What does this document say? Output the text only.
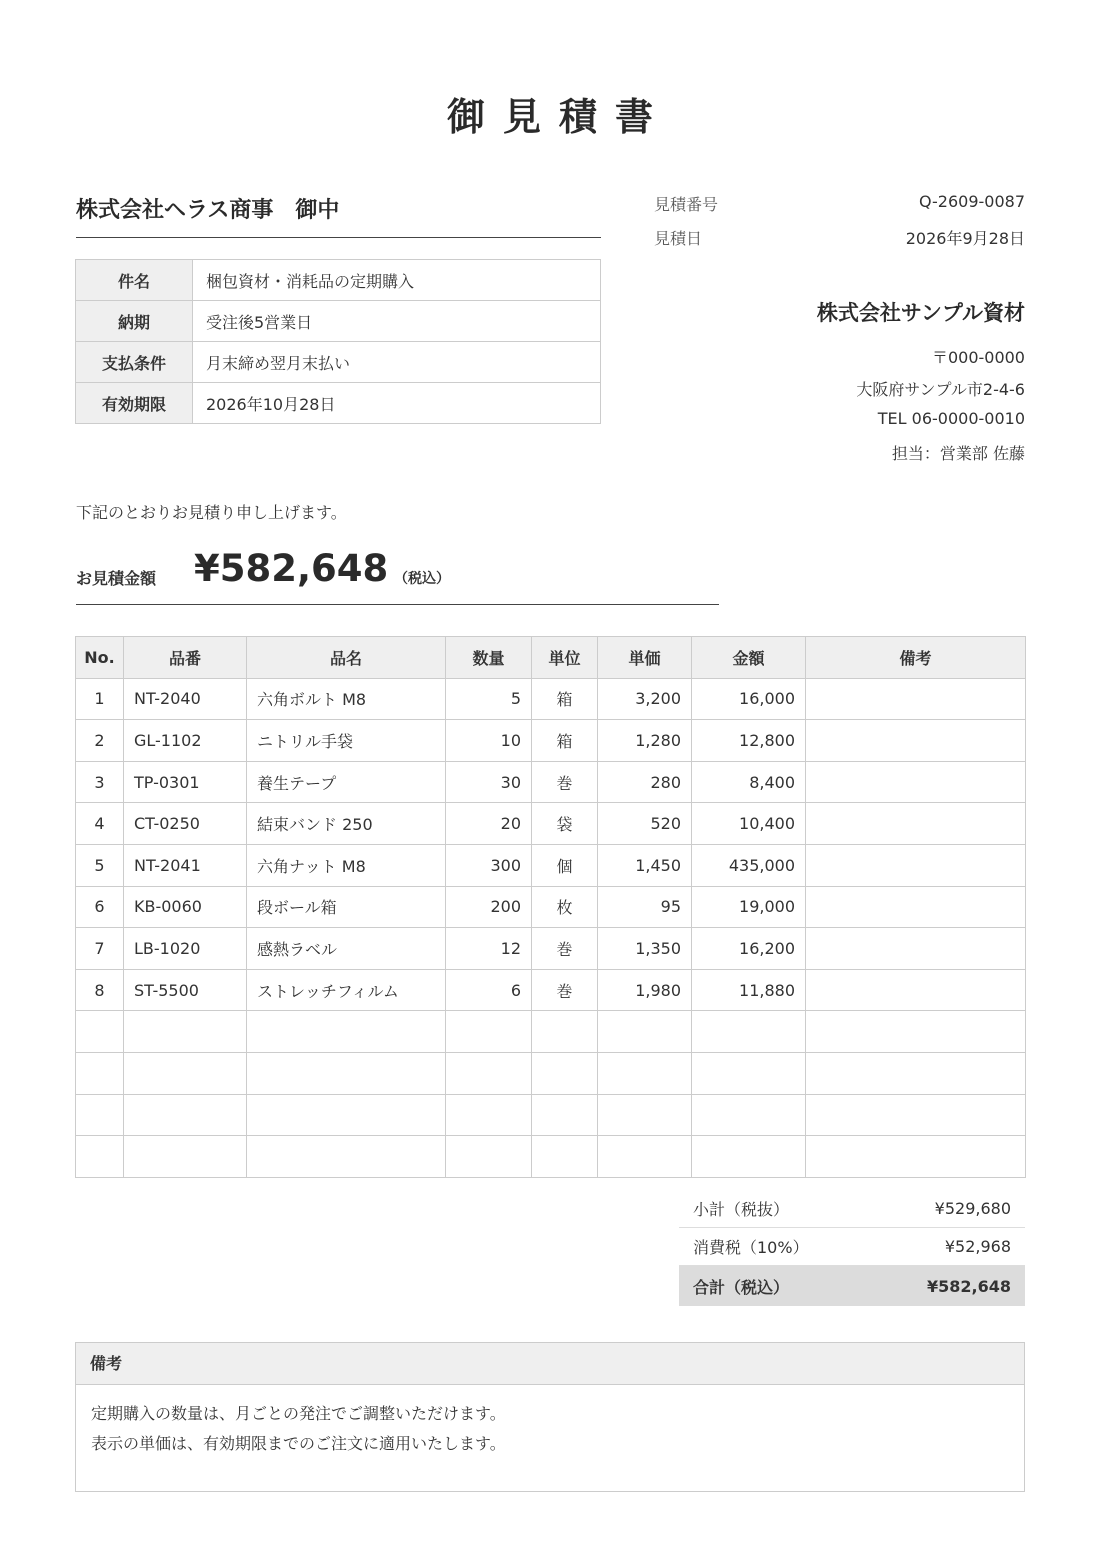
御見積書
株式会社ヘラス商事　 御中
件名	梱包資材・消耗品の定期購入
納期	受注後5営業日
支払条件	月末締め翌月末払い
有効期限	2026年10月28日
見積番号	Q-2609-0087
見積日	2026年9月28日
株式会社サンプル資材
〒000-0000
大阪府サンプル市2-4-6
TEL 06-0000-0010
担当：営業部 佐藤
下記のとおりお見積り申し上げます。
お見積金額 ¥582,648 （税込）
No.	品番	品名	数量	単位	単価	金額	備考
1	NT-2040	六角ボルト M8	5	箱	3,200	16,000	
2	GL-1102	ニトリル手袋	10	箱	1,280	12,800	
3	TP-0301	養生テープ	30	巻	280	8,400	
4	CT-0250	結束バンド 250	20	袋	520	10,400	
5	NT-2041	六角ナット M8	300	個	1,450	435,000	
6	KB-0060	段ボール箱	200	枚	95	19,000	
7	LB-1020	感熱ラベル	12	巻	1,350	16,200	
8	ST-5500	ストレッチフィルム	6	巻	1,980	11,880	

小計（税抜）	¥529,680
消費税（10%）	¥52,968
合計（税込）	¥582,648
備考
定期購入の数量は、月ごとの発注でご調整いただけます。
表示の単価は、有効期限までのご注文に適用いたします。
